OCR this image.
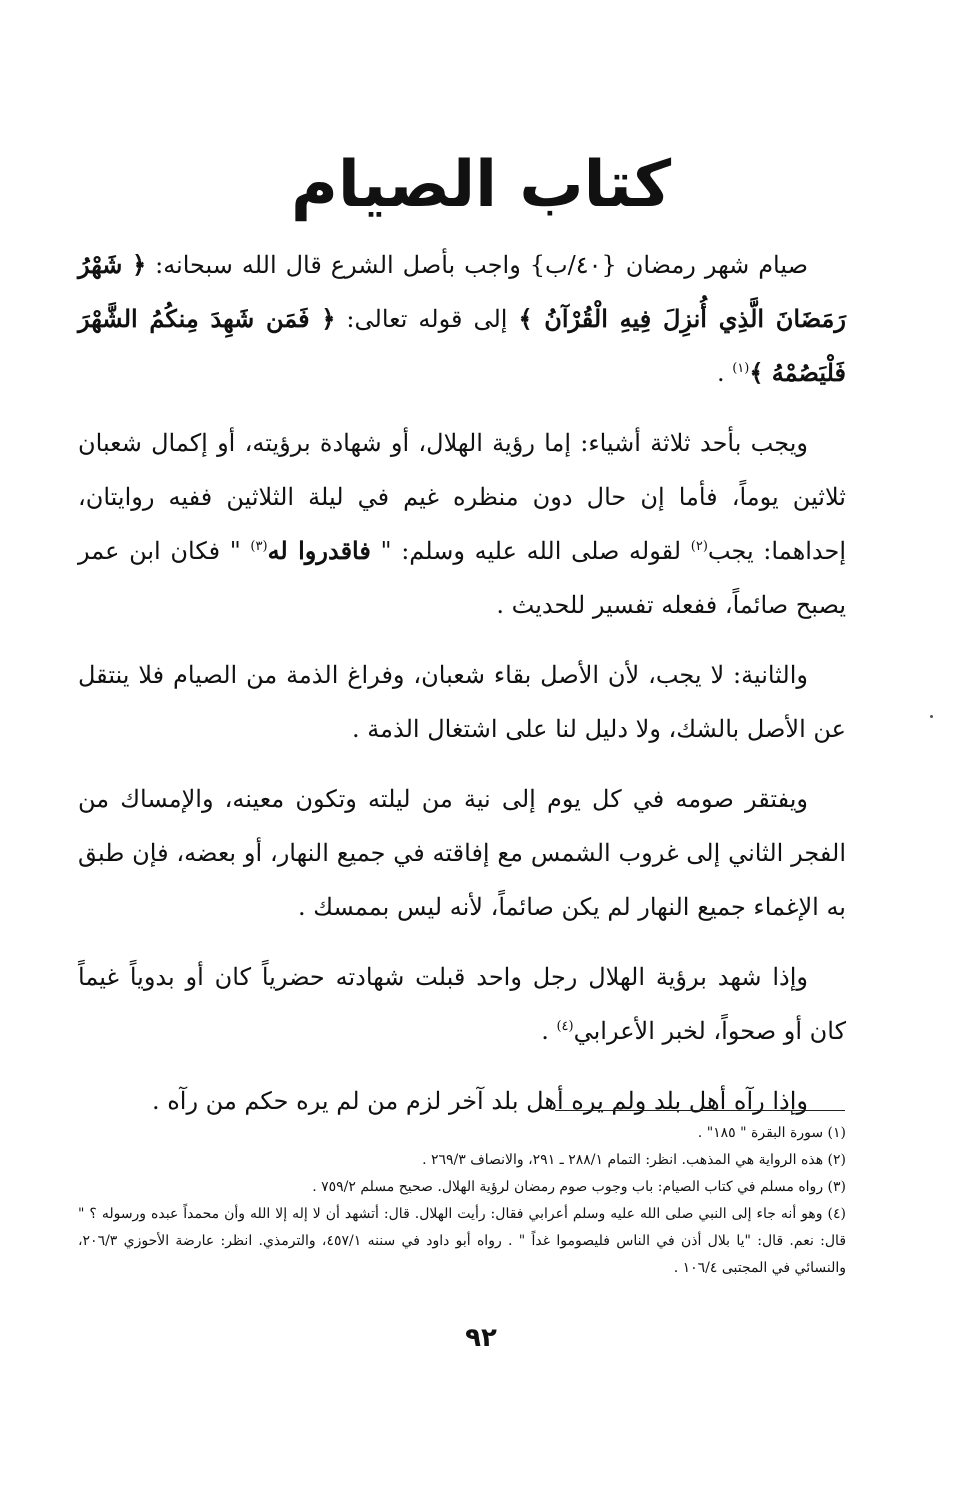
كتاب الصيام

صيام شهر رمضان {٤٠/ب} واجب بأصل الشرع قال الله سبحانه: ﴿ شَهْرُ رَمَضَانَ الَّذِي أُنزِلَ فِيهِ الْقُرْآنُ ﴾ إلى قوله تعالى: ﴿ فَمَن شَهِدَ مِنكُمُ الشَّهْرَ فَلْيَصُمْهُ ﴾$^{(١)}$ .

ويجب بأحد ثلاثة أشياء: إما رؤية الهلال، أو شهادة برؤيته، أو إكمال شعبان ثلاثين يوماً، فأما إن حال دون منظره غيم في ليلة الثلاثين ففيه روايتان، إحداهما: يجب$^{(٢)}$ لقوله صلى الله عليه وسلم: " فاقدروا له$^{(٣)}$ " فكان ابن عمر يصبح صائماً، ففعله تفسير للحديث .

والثانية: لا يجب، لأن الأصل بقاء شعبان، وفراغ الذمة من الصيام فلا ينتقل عن الأصل بالشك، ولا دليل لنا على اشتغال الذمة .

ويفتقر صومه في كل يوم إلى نية من ليلته وتكون معينه، والإمساك من الفجر الثاني إلى غروب الشمس مع إفاقته في جميع النهار، أو بعضه، فإن طبق به الإغماء جميع النهار لم يكن صائماً، لأنه ليس بممسك .

وإذا شهد برؤية الهلال رجل واحد قبلت شهادته حضرياً كان أو بدوياً غيماً كان أو صحواً، لخبر الأعرابي$^{(٤)}$ .

وإذا رآه أهل بلد ولم يره أهل بلد آخر لزم من لم يره حكم من رآه .

(١) سورة البقرة " ١٨٥" .

(٢) هذه الرواية هي المذهب. انظر: التمام ٢٨٨/١ ـ ٢٩١، والانصاف ٢٦٩/٣ .

(٣) رواه مسلم في كتاب الصيام: باب وجوب صوم رمضان لرؤية الهلال. صحيح مسلم ٧٥٩/٢ .

(٤) وهو أنه جاء إلى النبي صلى الله عليه وسلم أعرابي فقال: رأيت الهلال. قال: أتشهد أن لا إله إلا الله وأن محمداً عبده ورسوله ؟ " قال: نعم. قال: "يا بلال أذن في الناس فليصوموا غداً " . رواه أبو داود في سننه ٤٥٧/١، والترمذي. انظر: عارضة الأحوزي ٢٠٦/٣، والنسائي في المجتبى ١٠٦/٤ .

٩٢
